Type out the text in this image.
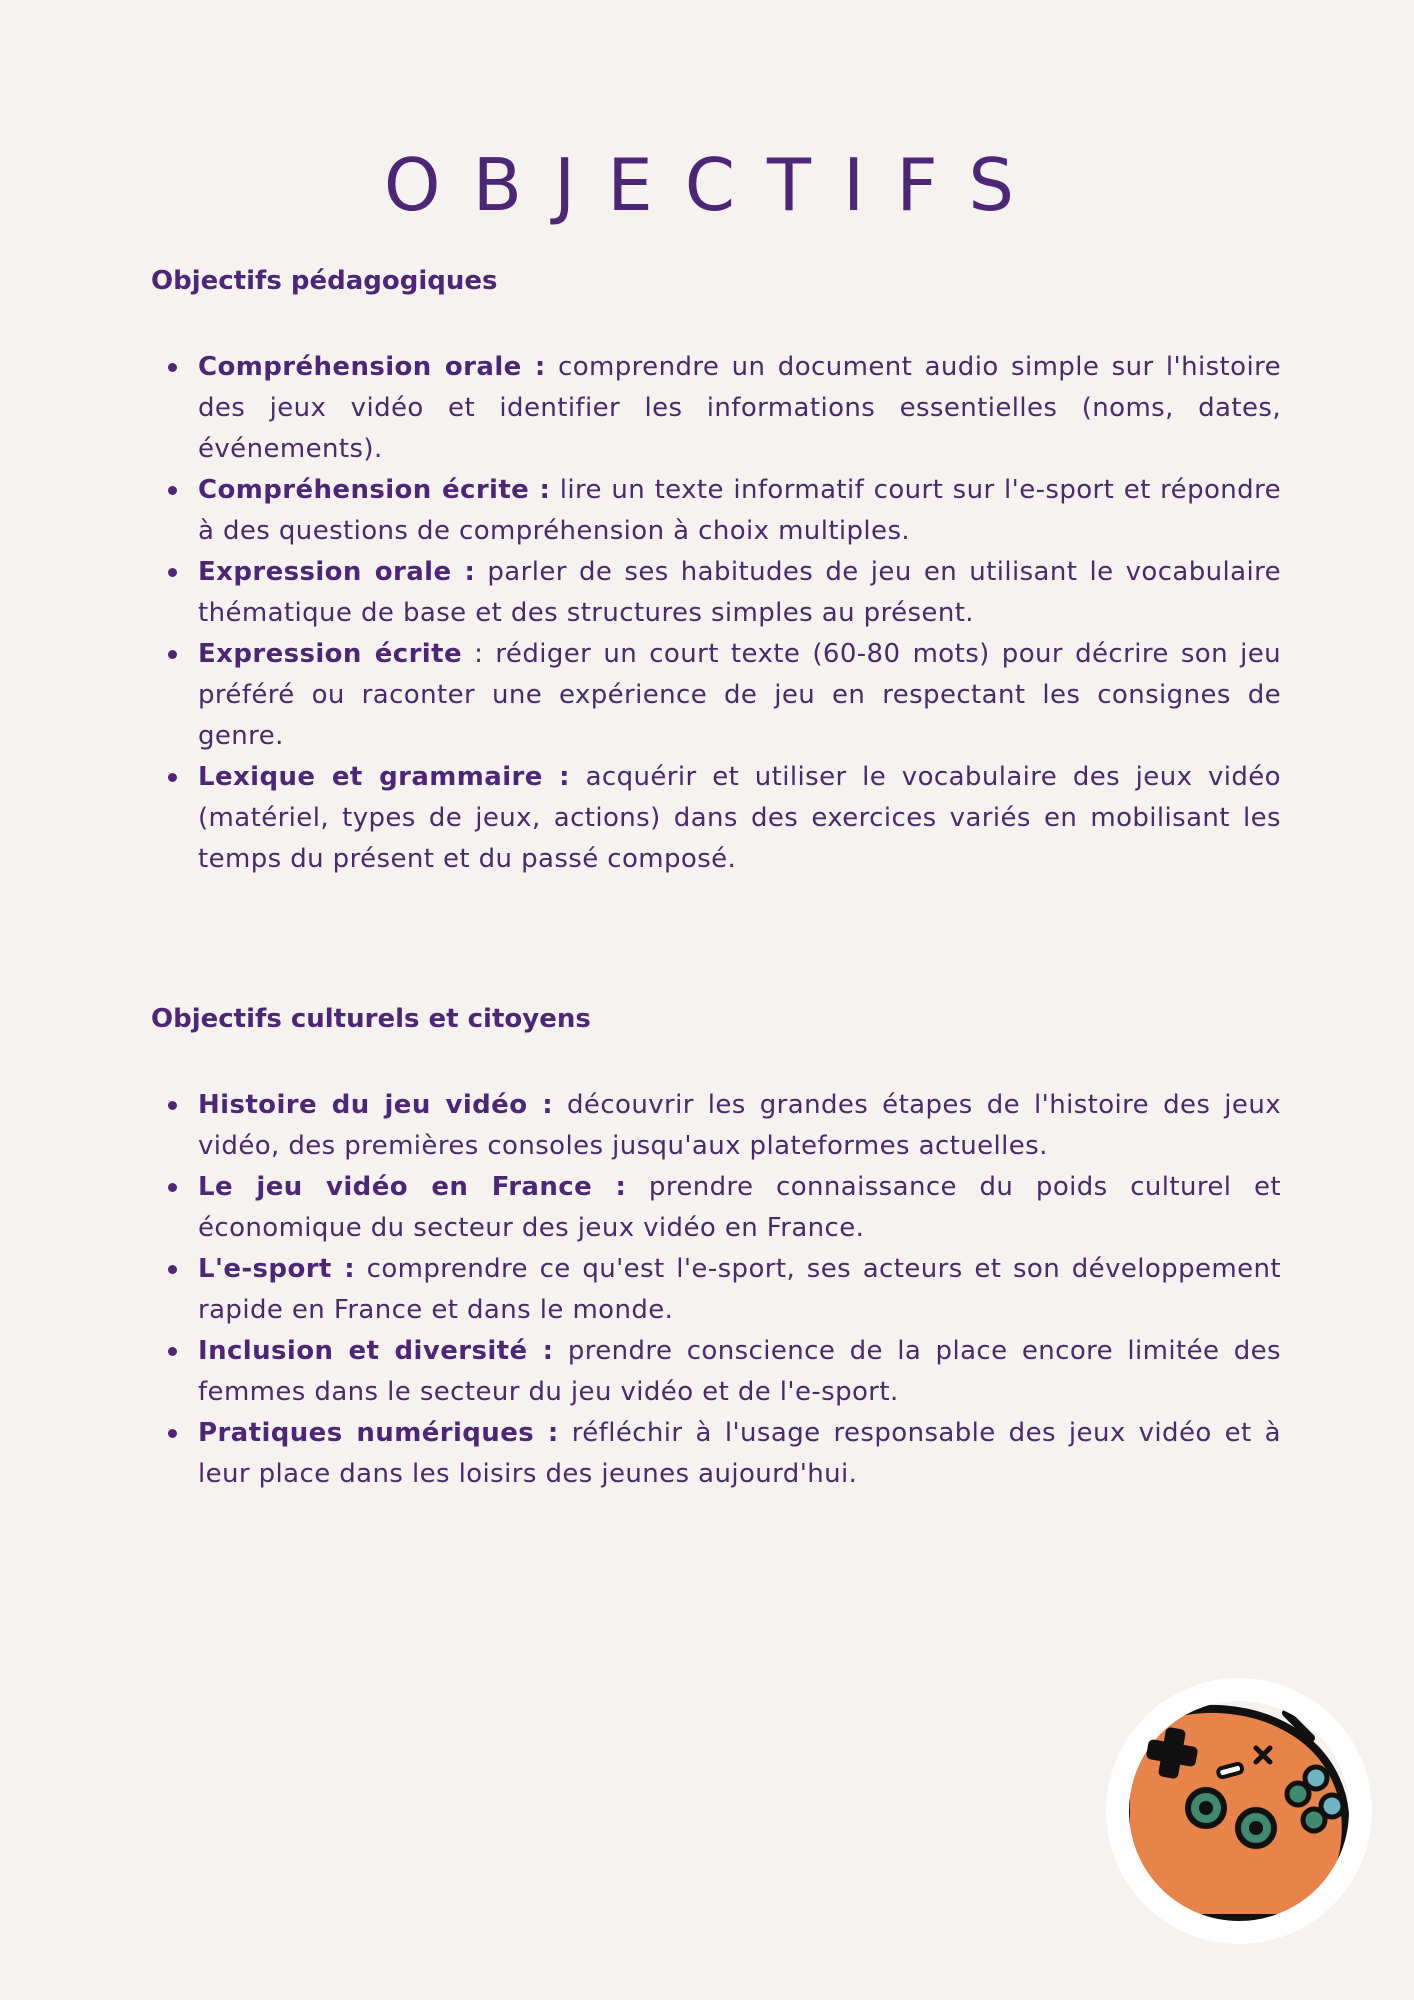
OBJECTIFS
Objectifs pédagogiques
Compréhension orale : comprendre un document audio simple sur l'histoire des jeux vidéo et identifier les informations essentielles (noms, dates, événements).
Compréhension écrite : lire un texte informatif court sur l'e-sport et répondre à des questions de compréhension à choix multiples.
Expression orale : parler de ses habitudes de jeu en utilisant le vocabulaire thématique de base et des structures simples au présent.
Expression écrite : rédiger un court texte (60-80 mots) pour décrire son jeu préféré ou raconter une expérience de jeu en respectant les consignes de genre.
Lexique et grammaire : acquérir et utiliser le vocabulaire des jeux vidéo (matériel, types de jeux, actions) dans des exercices variés en mobilisant les temps du présent et du passé composé.
Objectifs culturels et citoyens
Histoire du jeu vidéo : découvrir les grandes étapes de l'histoire des jeux vidéo, des premières consoles jusqu'aux plateformes actuelles.
Le jeu vidéo en France : prendre connaissance du poids culturel et économique du secteur des jeux vidéo en France.
L'e-sport : comprendre ce qu'est l'e-sport, ses acteurs et son développement rapide en France et dans le monde.
Inclusion et diversité : prendre conscience de la place encore limitée des femmes dans le secteur du jeu vidéo et de l'e-sport.
Pratiques numériques : réfléchir à l'usage responsable des jeux vidéo et à leur place dans les loisirs des jeunes aujourd'hui.
